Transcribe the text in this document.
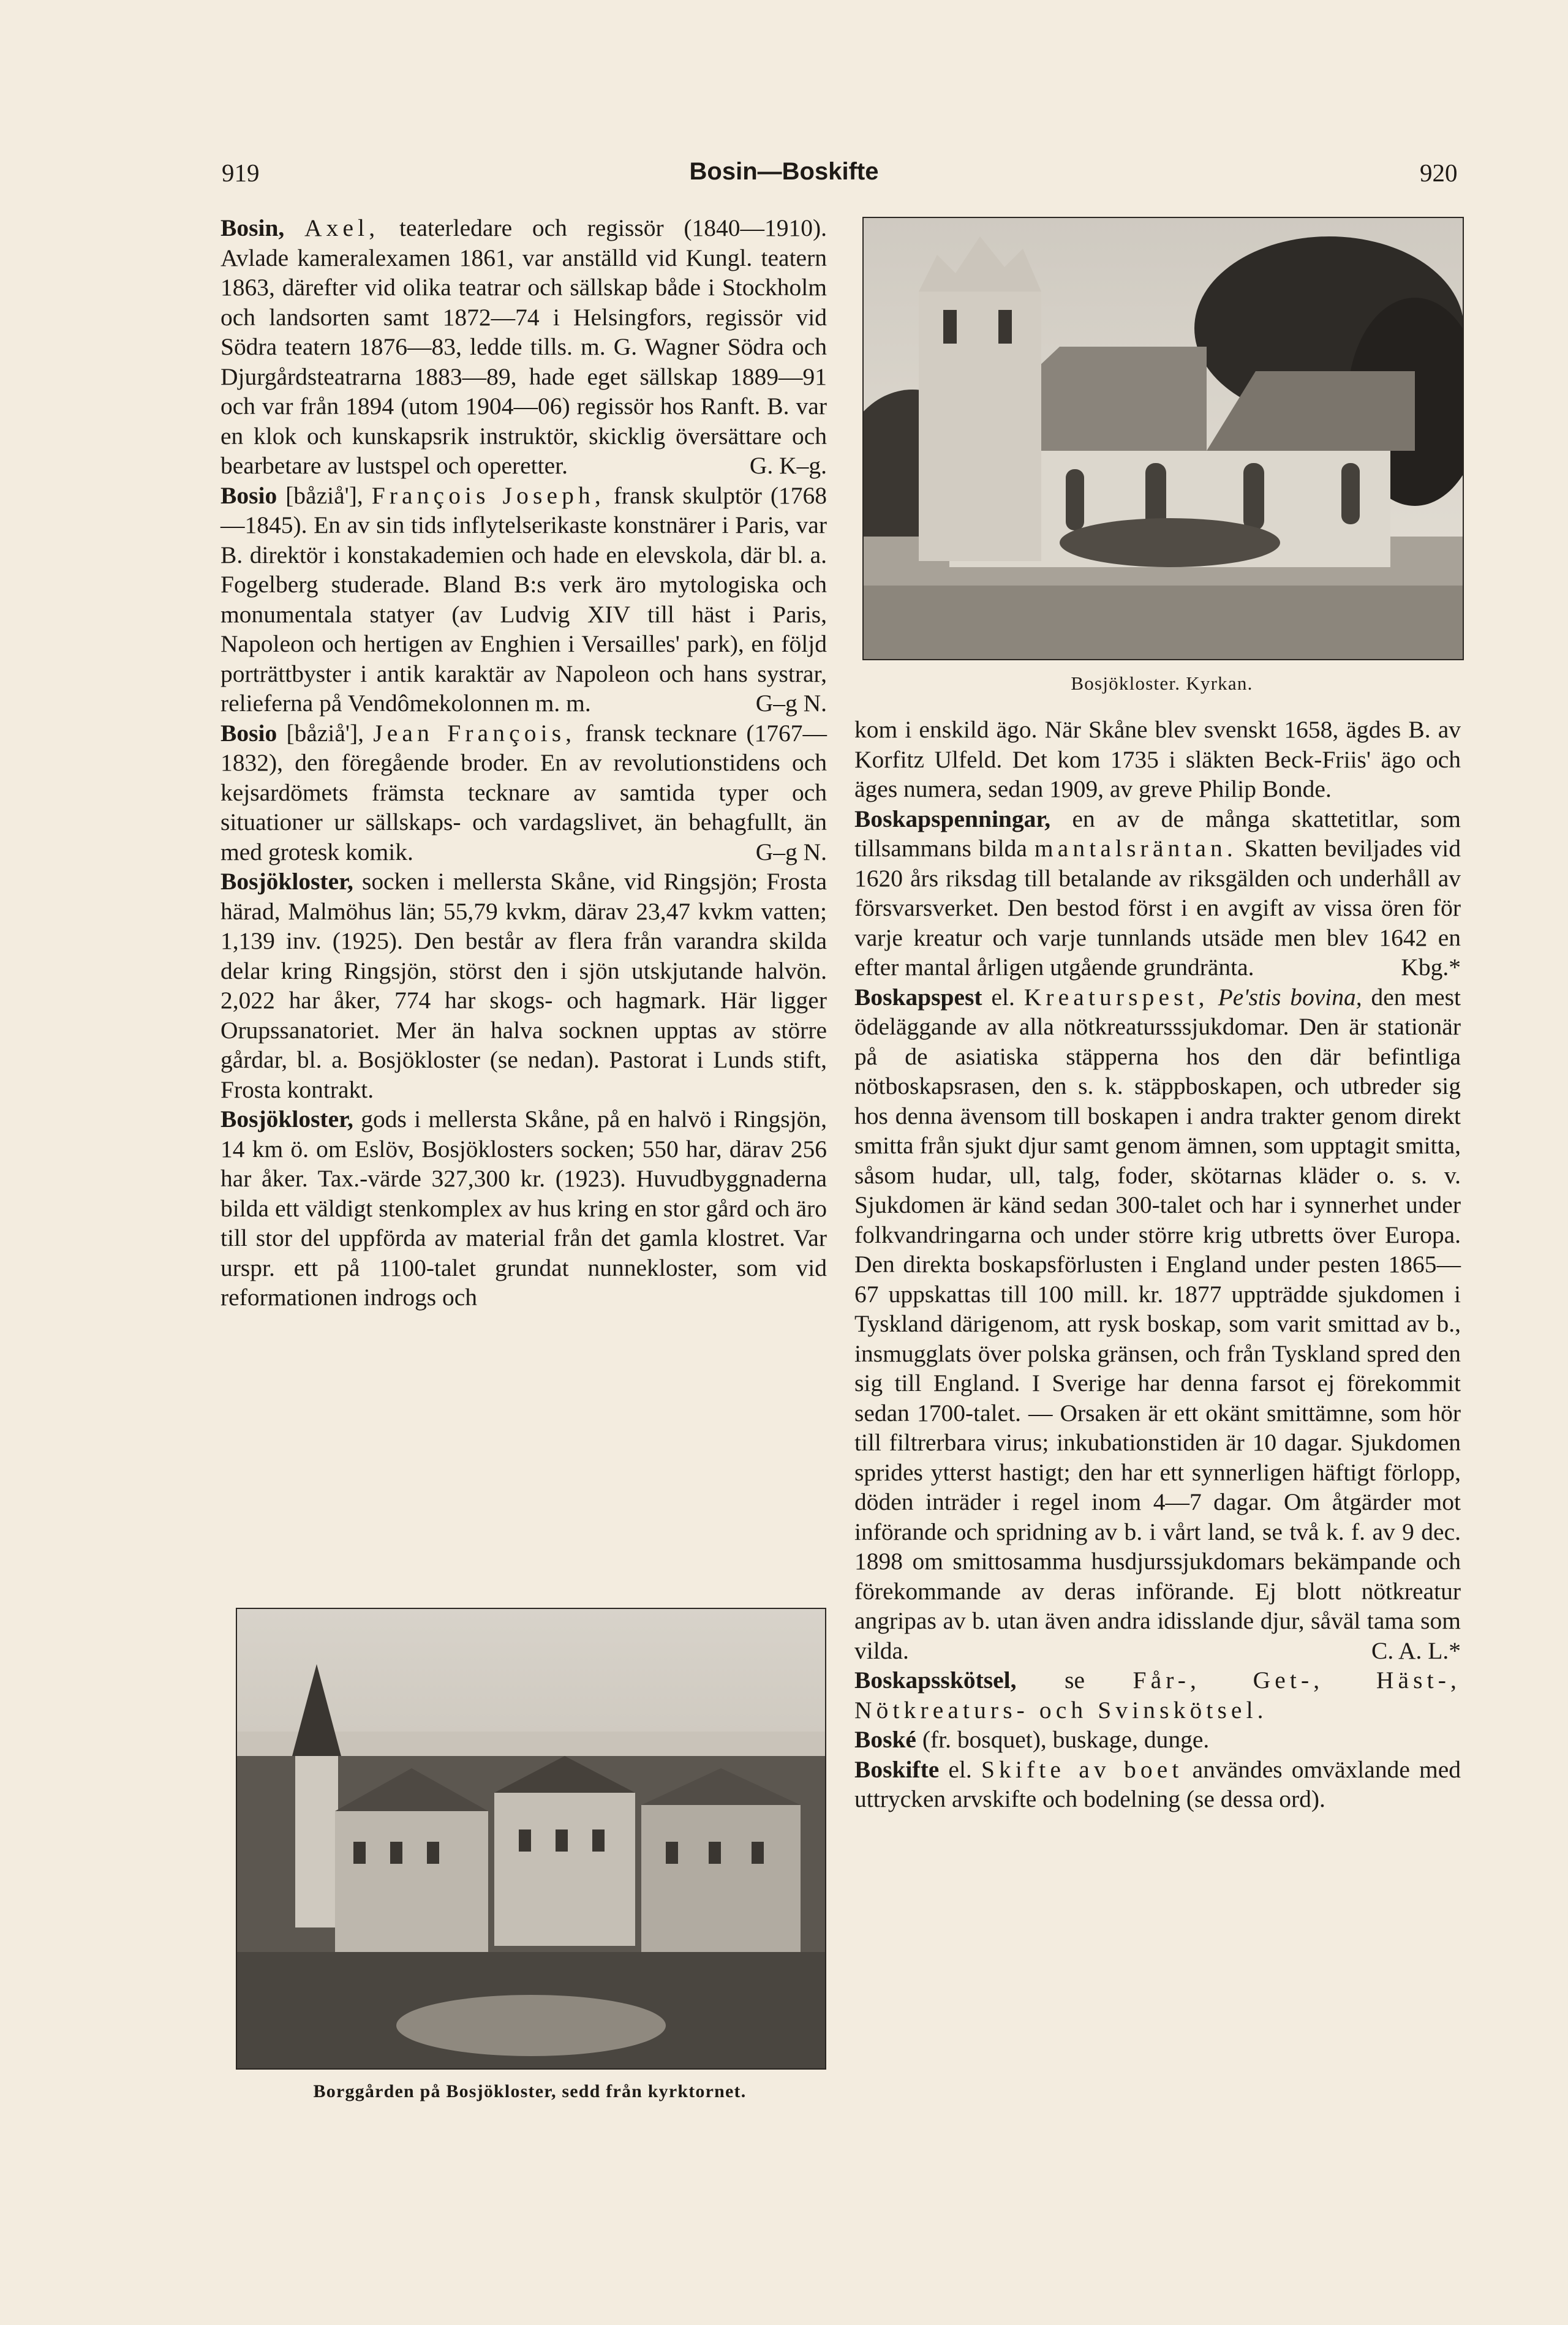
919	Bosin—Boskifte	920

Bosin, Axel, teaterledare och regissör (1840—1910). Avlade kameralexamen 1861, var anställd vid Kungl. teatern 1863, därefter vid olika teatrar och sällskap både i Stockholm och landsorten samt 1872—74 i Helsingfors, regissör vid Södra teatern 1876—83, ledde tills. m. G. Wagner Södra och Djurgårdsteatrarna 1883—89, hade eget sällskap 1889—91 och var från 1894 (utom 1904—06) regissör hos Ranft. B. var en klok och kunskapsrik instruktör, skicklig översättare och bearbetare av lustspel och operetter.	G. K–g.

Bosio [båziå'], François Joseph, fransk skulptör (1768—1845). En av sin tids inflytelserikaste konstnärer i Paris, var B. direktör i konstakademien och hade en elevskola, där bl. a. Fogelberg studerade. Bland B:s verk äro mytologiska och monumentala statyer (av Ludvig XIV till häst i Paris, Napoleon och hertigen av Enghien i Versailles' park), en följd porträttbyster i antik karaktär av Napoleon och hans systrar, relieferna på Vendômekolonnen m. m.	G–g N.

Bosio [båziå'], Jean François, fransk tecknare (1767—1832), den föregående broder. En av revolutionstidens och kejsardömets främsta tecknare av samtida typer och situationer ur sällskaps- och vardagslivet, än behagfullt, än med grotesk komik.	G–g N.

Bosjökloster, socken i mellersta Skåne, vid Ringsjön; Frosta härad, Malmöhus län; 55,79 kvkm, därav 23,47 kvkm vatten; 1,139 inv. (1925). Den består av flera från varandra skilda delar kring Ringsjön, störst den i sjön utskjutande halvön. 2,022 har åker, 774 har skogs- och hagmark. Här ligger Orupssanatoriet. Mer än halva socknen upptas av större gårdar, bl. a. Bosjökloster (se nedan). Pastorat i Lunds stift, Frosta kontrakt.

Bosjökloster, gods i mellersta Skåne, på en halvö i Ringsjön, 14 km ö. om Eslöv, Bosjöklosters socken; 550 har, därav 256 har åker. Tax.-värde 327,300 kr. (1923). Huvudbyggnaderna bilda ett väldigt stenkomplex av hus kring en stor gård och äro till stor del uppförda av material från det gamla klostret. Var urspr. ett på 1100-talet grundat nunnekloster, som vid reformationen indrogs och

Bosjökloster. Kyrkan.

kom i enskild ägo. När Skåne blev svenskt 1658, ägdes B. av Korfitz Ulfeld. Det kom 1735 i släkten Beck-Friis' ägo och äges numera, sedan 1909, av greve Philip Bonde.

Boskapspenningar, en av de många skattetitlar, som tillsammans bilda mantalsräntan. Skatten beviljades vid 1620 års riksdag till betalande av riksgälden och underhåll av försvarsverket. Den bestod först i en avgift av vissa ören för varje kreatur och varje tunnlands utsäde men blev 1642 en efter mantal årligen utgående grundränta.	Kbg.*

Boskapspest el. Kreaturspest, Pe'stis bovina, den mest ödeläggande av alla nötkreatursssjukdomar. Den är stationär på de asiatiska stäpperna hos den där befintliga nötboskapsrasen, den s. k. stäppboskapen, och utbreder sig hos denna ävensom till boskapen i andra trakter genom direkt smitta från sjukt djur samt genom ämnen, som upptagit smitta, såsom hudar, ull, talg, foder, skötarnas kläder o. s. v. Sjukdomen är känd sedan 300-talet och har i synnerhet under folkvandringarna och under större krig utbretts över Europa. Den direkta boskapsförlusten i England under pesten 1865—67 uppskattas till 100 mill. kr. 1877 uppträdde sjukdomen i Tyskland därigenom, att rysk boskap, som varit smittad av b., insmugglats över polska gränsen, och från Tyskland spred den sig till England. I Sverige har denna farsot ej förekommit sedan 1700-talet. — Orsaken är ett okänt smittämne, som hör till filtrerbara virus; inkubationstiden är 10 dagar. Sjukdomen sprides ytterst hastigt; den har ett synnerligen häftigt förlopp, döden inträder i regel inom 4—7 dagar. Om åtgärder mot införande och spridning av b. i vårt land, se två k. f. av 9 dec. 1898 om smittosamma husdjurssjukdomars bekämpande och förekommande av deras införande. Ej blott nötkreatur angripas av b. utan även andra idisslande djur, såväl tama som vilda.	C. A. L.*

Boskapsskötsel, se Får-, Get-, Häst-, Nötkreaturs- och Svinskötsel.

Boské (fr. bosquet), buskage, dunge.

Boskifte el. Skifte av boet användes omväxlande med uttrycken arvskifte och bodelning (se dessa ord).

Borggården på Bosjökloster, sedd från kyrktornet.
